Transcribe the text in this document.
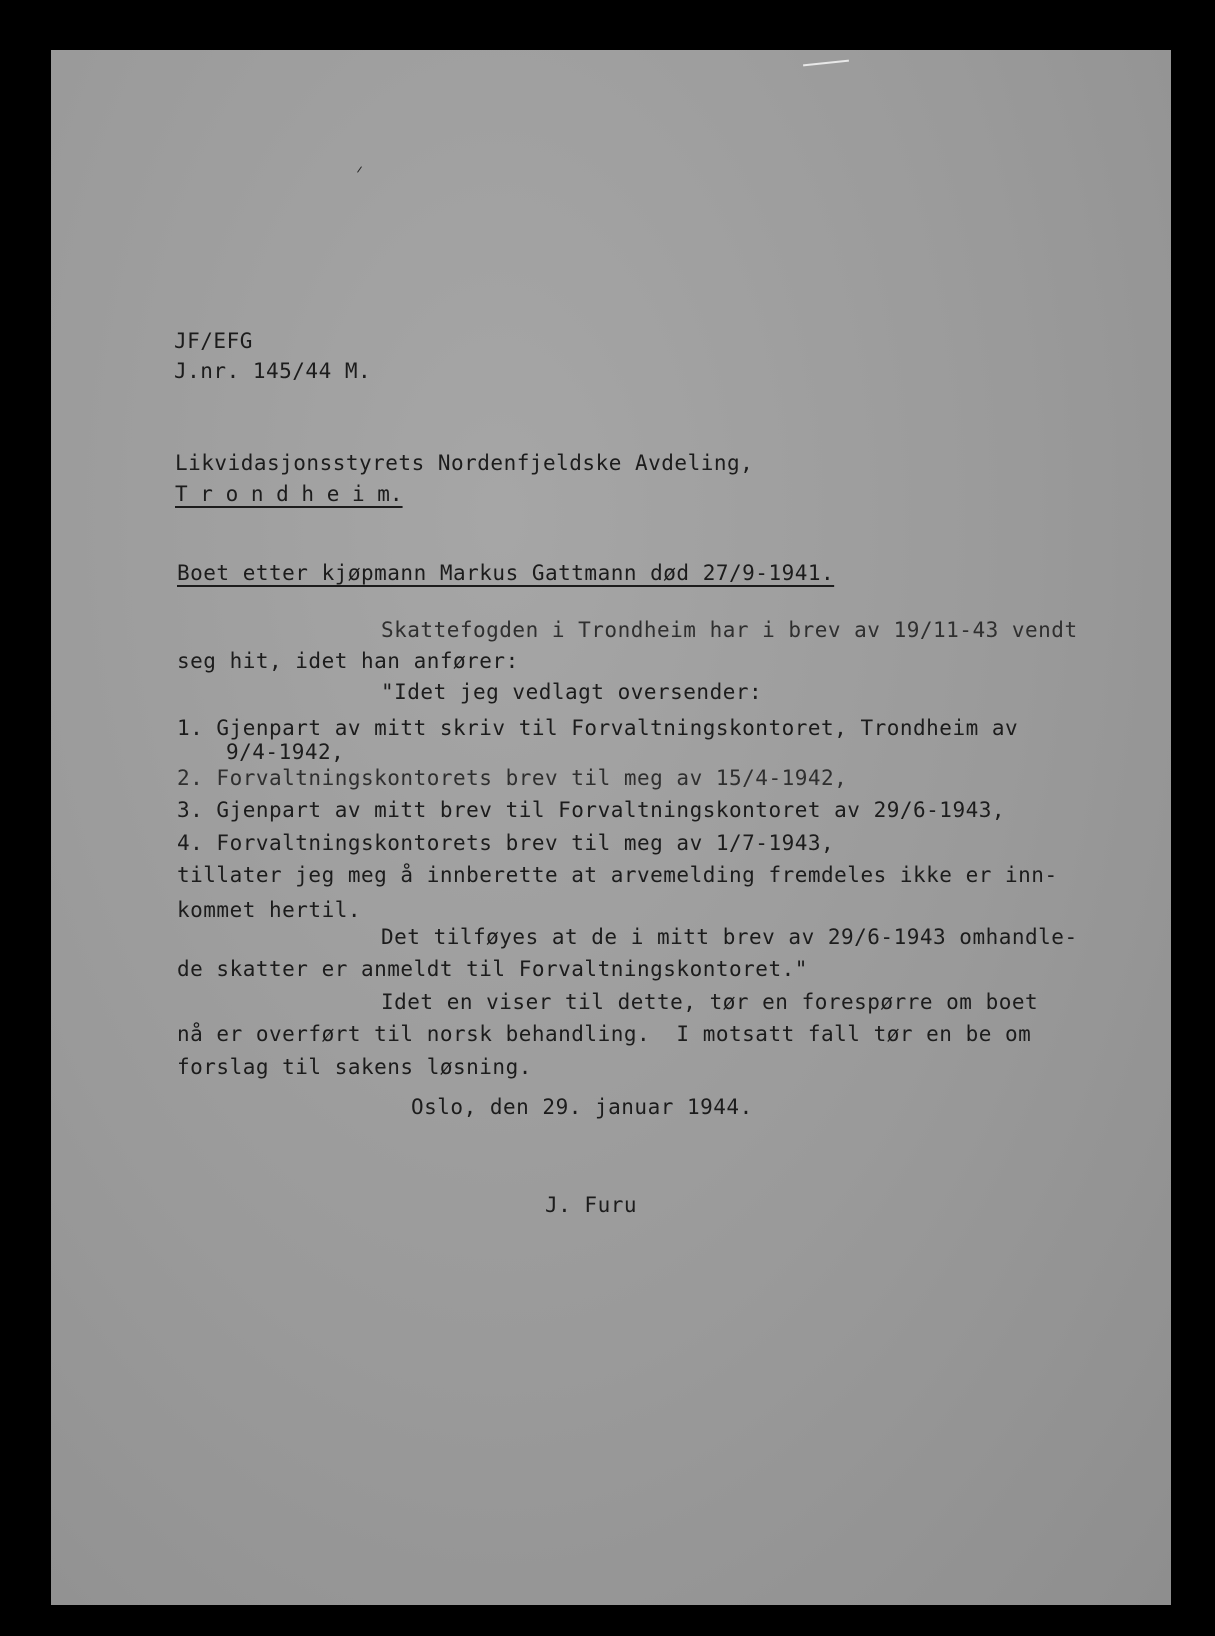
JF/EFG
J.nr. 145/44 M.
Likvidasjonsstyrets Nordenfjeldske Avdeling,
T r o n d h e i m.
Boet etter kjøpmann Markus Gattmann død 27/9-1941.
Skattefogden i Trondheim har i brev av 19/11-43 vendt
seg hit, idet han anfører:
"Idet jeg vedlagt oversender:
1. Gjenpart av mitt skriv til Forvaltningskontoret, Trondheim av
9/4-1942,
2. Forvaltningskontorets brev til meg av 15/4-1942,
3. Gjenpart av mitt brev til Forvaltningskontoret av 29/6-1943,
4. Forvaltningskontorets brev til meg av 1/7-1943,
tillater jeg meg å innberette at arvemelding fremdeles ikke er inn-
kommet hertil.
Det tilføyes at de i mitt brev av 29/6-1943 omhandle-
de skatter er anmeldt til Forvaltningskontoret."
Idet en viser til dette, tør en forespørre om boet
nå er overført til norsk behandling.  I motsatt fall tør en be om
forslag til sakens løsning.
Oslo, den 29. januar 1944.
J. Furu
